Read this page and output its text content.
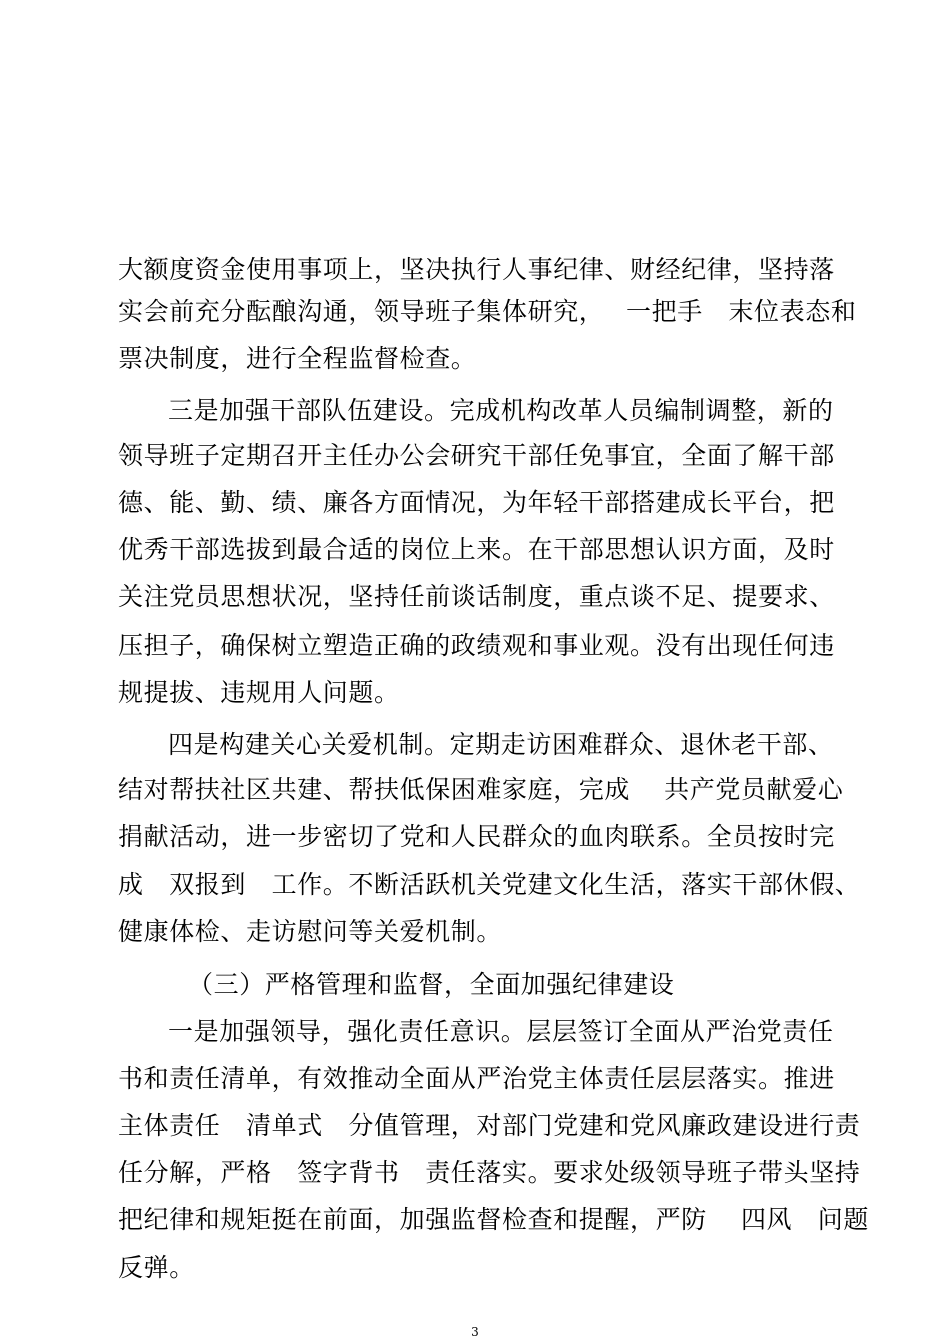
大额度资金使用事项上，坚决执行人事纪律、财经纪律，坚持落
实会前充分酝酿沟通，领导班子集体研究，　 一把手　末位表态和
票决制度，进行全程监督检查。
三是加强干部队伍建设。完成机构改革人员编制调整，新的
领导班子定期召开主任办公会研究干部任免事宜，全面了解干部
德、能、勤、绩、廉各方面情况，为年轻干部搭建成长平台，把
优秀干部选拔到最合适的岗位上来。在干部思想认识方面，及时
关注党员思想状况，坚持任前谈话制度，重点谈不足、提要求、
压担子，确保树立塑造正确的政绩观和事业观。没有出现任何违
规提拔、违规用人问题。
四是构建关心关爱机制。定期走访困难群众、退休老干部、
结对帮扶社区共建、帮扶低保困难家庭，完成　 共产党员献爱心
捐献活动，进一步密切了党和人民群众的血肉联系。全员按时完
成　双报到　工作。不断活跃机关党建文化生活，落实干部休假、
健康体检、走访慰问等关爱机制。
（三）严格管理和监督，全面加强纪律建设
一是加强领导，强化责任意识。层层签订全面从严治党责任
书和责任清单，有效推动全面从严治党主体责任层层落实。推进
主体责任　清单式　分值管理，对部门党建和党风廉政建设进行责
任分解，严格　签字背书　责任落实。要求处级领导班子带头坚持
把纪律和规矩挺在前面，加强监督检查和提醒，严防　 四风　问题
反弹。
3
